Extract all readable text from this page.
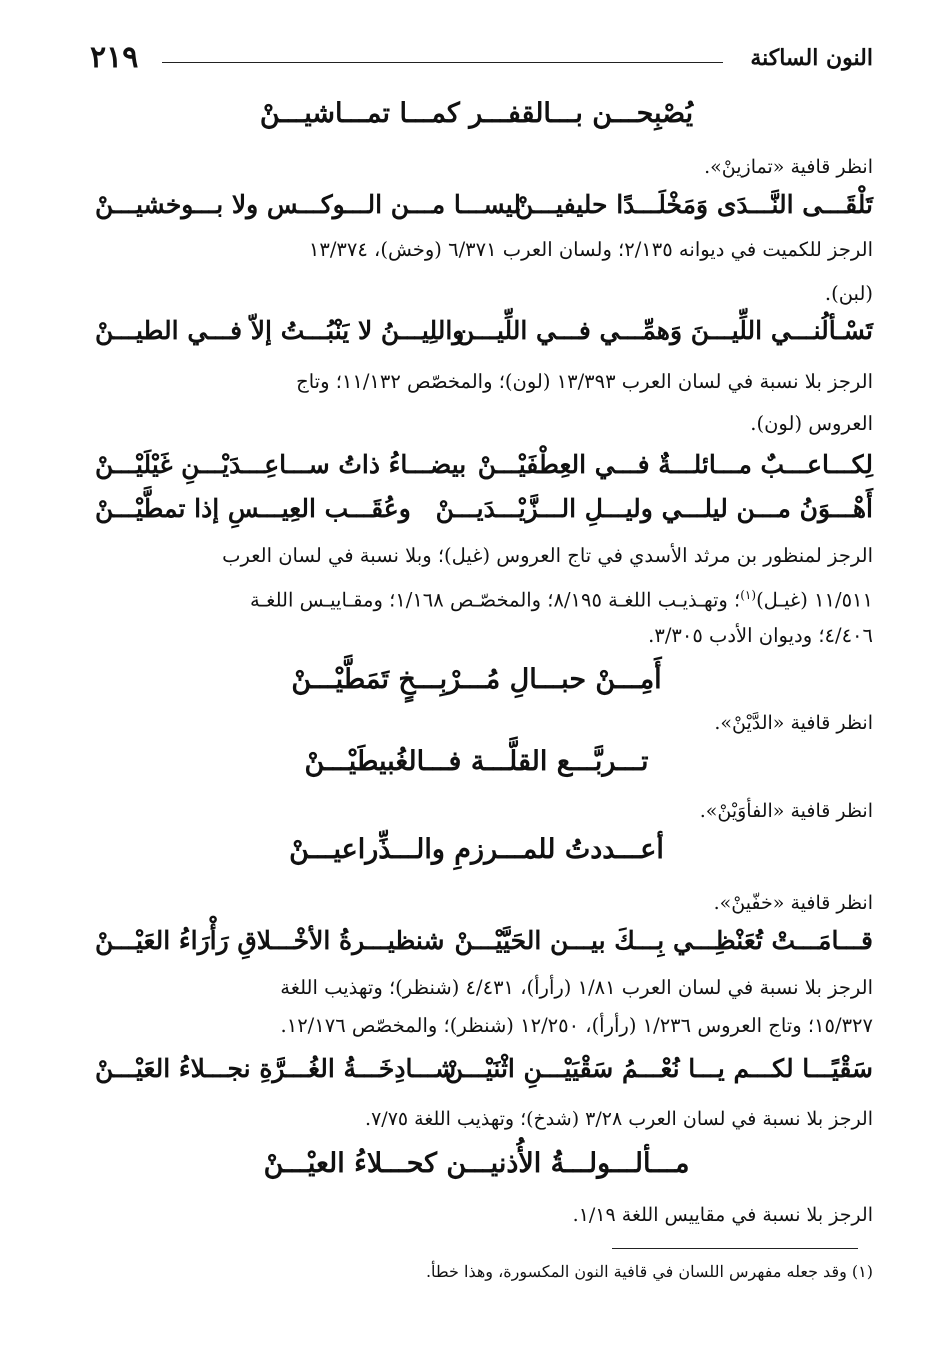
٢١٩	النون الساكنة
يُصْبِحـــن بـــالقفـــر كمـــا تمـــاشيـــنْ
انظر قافية «تمازينْ».
تَلْقَـــى النَّـــدَى وَمَخْلَـــدًا حليفيـــنْ
ليســـا مـــن الـــوكـــس ولا بـــوخشيـــنْ
الرجز للكميت في ديوانه ٢/١٣٥؛ ولسان العرب ٦/٣٧١ (وخش)، ١٣/٣٧٤
(لبن).
تَسْـألُنـــي اللِّيـــنَ وَهمِّـــي فـــي اللِّيـــن
واللِيـــنُ لا يَنْبُـــتُ إلاّ فـــي الطيـــنْ
الرجز بلا نسبة في لسان العرب ١٣/٣٩٣ (لون)؛ والمخصّص ١١/١٣٢؛ وتاج
العروس (لون).
لِكـــاعـــبٌ مـــائلـــةٌ فـــي العِطْفَيْـــنْ
بيضـــاءُ ذاتُ ســـاعِـــدَيْـــنِ غَيْلَيْـــنْ
أَهْـــوَنُ مـــن ليلـــي وليـــلِ الـــزَّيْـــدَيـــنْ
وعُقَـــب العِيـــسِ إذا تمطَّيْـــنْ
الرجز لمنظور بن مرثد الأسدي في تاج العروس (غيل)؛ وبلا نسبة في لسان العرب
١١/٥١١ (غيـل)$^{(١)}$؛ وتهـذيـب اللغـة ٨/١٩٥؛ والمخصّـص ١/١٦٨؛ ومقـاييـس اللغـة
٤/٤٠٦؛ وديوان الأدب ٣/٣٠٥.
أَمِـــنْ حبـــالِ مُـــرْبِـــخٍ تَمَطَّيْـــنْ
انظر قافية «الدَّيْنْ».
تـــربَّـــع القلَّـــة فـــالغُبيطَيْـــنْ
انظر قافية «الفأوَيْنْ».
أعـــددتُ للمـــرزمِ والـــذِّراعيـــنْ
انظر قافية «خفّينْ».
قـــامَـــتْ تُعَنْظِـــي بِـــكَ بيـــن الحَيَّيْـــنْ
شنظيـــرةُ الأخْـــلاقِ رَأْرَاءُ العَيْـــنْ
الرجز بلا نسبة في لسان العرب ١/٨١ (رأرأ)، ٤/٤٣١ (شنظر)؛ وتهذيب اللغة
١٥/٣٢٧؛ وتاج العروس ١/٢٣٦ (رأرأ)، ١٢/٢٥٠ (شنظر)؛ والمخصّص ١٢/١٧٦.
سَقْيًـــا لكـــم يـــا نُعْـــمُ سَقْيَيْـــنِ اثْنَيْـــنْ
شـــادِخَـــةُ الغُـــرَّةِ نجـــلاءُ العَيْـــنْ
الرجز بلا نسبة في لسان العرب ٣/٢٨ (شدخ)؛ وتهذيب اللغة ٧/٧٥.
مـــألـــولـــةُ الأُذنيـــن كحـــلاءُ العيْـــنْ
الرجز بلا نسبة في مقاييس اللغة ١/١٩.
(١) وقد جعله مفهرس اللسان في قافية النون المكسورة، وهذا خطأ.
